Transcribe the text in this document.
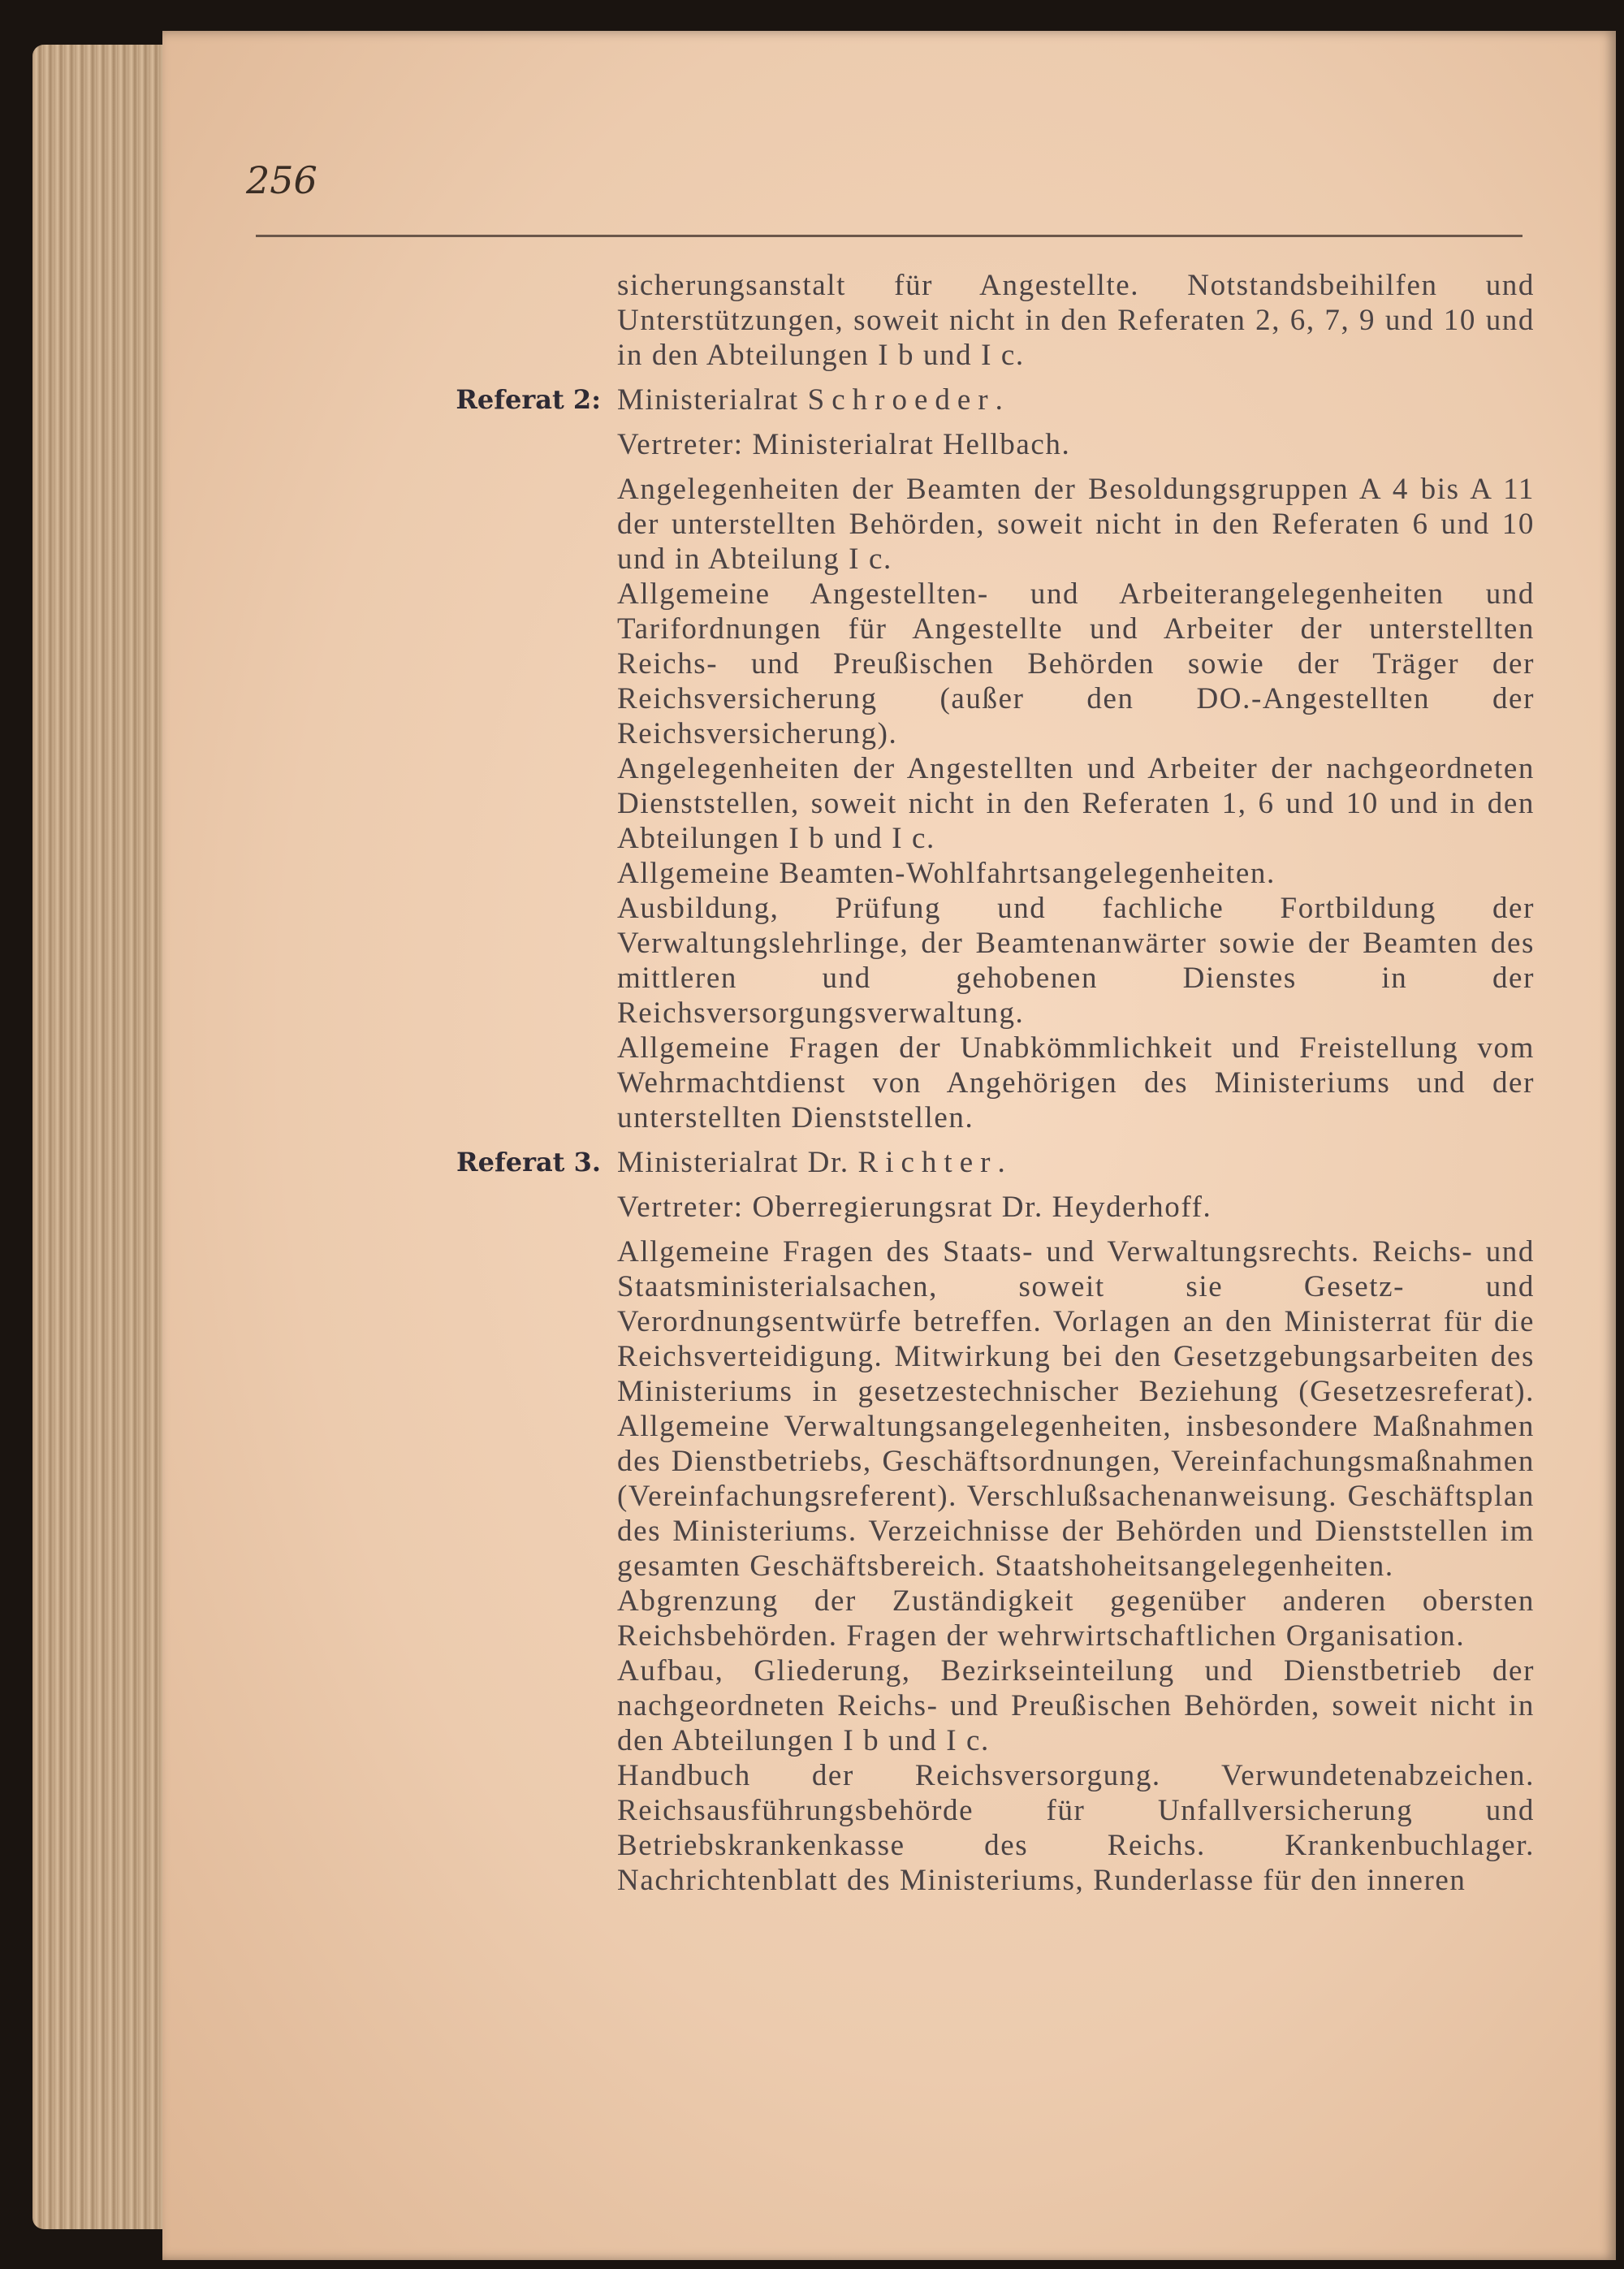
256

sicherungsanstalt für Angestellte. Notstandsbeihilfen und Unterstützungen, soweit nicht in den Referaten 2, 6, 7, 9 und 10 und in den Abteilungen I b und I c.

Referat 2: Ministerialrat Schroeder.

Vertreter: Ministerialrat Hellbach.

Angelegenheiten der Beamten der Besoldungsgruppen A 4 bis A 11 der unterstellten Behörden, soweit nicht in den Referaten 6 und 10 und in Abteilung I c.

Allgemeine Angestellten- und Arbeiterangelegenheiten und Tarifordnungen für Angestellte und Arbeiter der unterstellten Reichs- und Preußischen Behörden sowie der Träger der Reichsversicherung (außer den DO.-Angestellten der Reichsversicherung).

Angelegenheiten der Angestellten und Arbeiter der nachgeordneten Dienststellen, soweit nicht in den Referaten 1, 6 und 10 und in den Abteilungen I b und I c.

Allgemeine Beamten-Wohlfahrtsangelegenheiten.

Ausbildung, Prüfung und fachliche Fortbildung der Verwaltungslehrlinge, der Beamtenanwärter sowie der Beamten des mittleren und gehobenen Dienstes in der Reichsversorgungsverwaltung.

Allgemeine Fragen der Unabkömmlichkeit und Freistellung vom Wehrmachtdienst von Angehörigen des Ministeriums und der unterstellten Dienststellen.

Referat 3. Ministerialrat Dr. Richter.

Vertreter: Oberregierungsrat Dr. Heyderhoff.

Allgemeine Fragen des Staats- und Verwaltungsrechts. Reichs- und Staatsministerialsachen, soweit sie Gesetz- und Verordnungsentwürfe betreffen. Vorlagen an den Ministerrat für die Reichsverteidigung. Mitwirkung bei den Gesetzgebungsarbeiten des Ministeriums in gesetzestechnischer Beziehung (Gesetzesreferat). Allgemeine Verwaltungsangelegenheiten, insbesondere Maßnahmen des Dienstbetriebs, Geschäftsordnungen, Vereinfachungsmaßnahmen (Vereinfachungsreferent). Verschlußsachenanweisung. Geschäftsplan des Ministeriums. Verzeichnisse der Behörden und Dienststellen im gesamten Geschäftsbereich. Staatshoheitsangelegenheiten.

Abgrenzung der Zuständigkeit gegenüber anderen obersten Reichsbehörden. Fragen der wehrwirtschaftlichen Organisation.

Aufbau, Gliederung, Bezirkseinteilung und Dienstbetrieb der nachgeordneten Reichs- und Preußischen Behörden, soweit nicht in den Abteilungen I b und I c.

Handbuch der Reichsversorgung. Verwundetenabzeichen. Reichsausführungsbehörde für Unfallversicherung und Betriebskrankenkasse des Reichs. Krankenbuchlager. Nachrichtenblatt des Ministeriums, Runderlasse für den inneren
